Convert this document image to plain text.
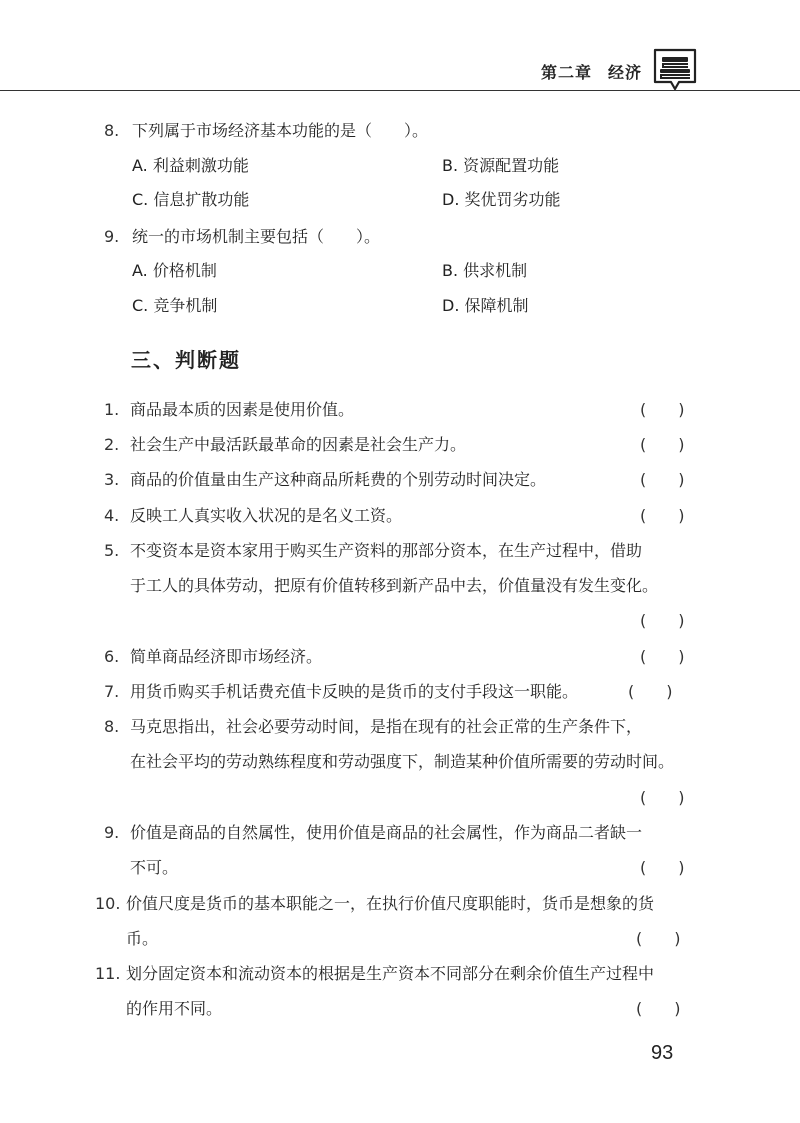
第二章 经济
8. 下列属于市场经济基本功能的是（　　）。
A. 利益刺激功能	B. 资源配置功能
C. 信息扩散功能	D. 奖优罚劣功能
9. 统一的市场机制主要包括（　　）。
A. 价格机制	B. 供求机制
C. 竞争机制	D. 保障机制
三、判断题
1. 商品最本质的因素是使用价值。	(　　)
2. 社会生产中最活跃最革命的因素是社会生产力。	(　　)
3. 商品的价值量由生产这种商品所耗费的个别劳动时间决定。	(　　)
4. 反映工人真实收入状况的是名义工资。	(　　)
5. 不变资本是资本家用于购买生产资料的那部分资本，在生产过程中，借助
于工人的具体劳动，把原有价值转移到新产品中去，价值量没有发生变化。
(　　)
6. 简单商品经济即市场经济。	(　　)
7. 用货币购买手机话费充值卡反映的是货币的支付手段这一职能。	(　　)
8. 马克思指出，社会必要劳动时间，是指在现有的社会正常的生产条件下，
在社会平均的劳动熟练程度和劳动强度下，制造某种价值所需要的劳动时间。
(　　)
9. 价值是商品的自然属性，使用价值是商品的社会属性，作为商品二者缺一
不可。	(　　)
10. 价值尺度是货币的基本职能之一，在执行价值尺度职能时，货币是想象的货
币。	(　　)
11. 划分固定资本和流动资本的根据是生产资本不同部分在剩余价值生产过程中
的作用不同。	(　　)
93
